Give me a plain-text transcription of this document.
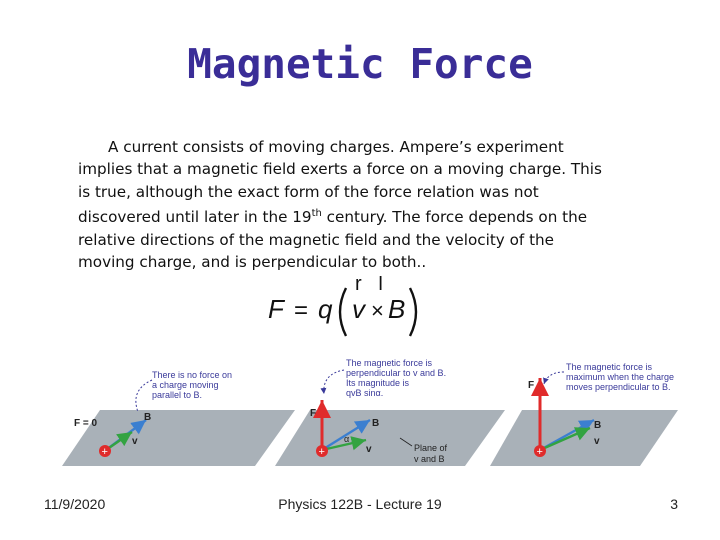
Magnetic Force
A current consists of moving charges. Ampere’s experiment
implies that a magnetic field exerts a force on a moving charge. This
is true, although the exact form of the force relation was not
discovered until later in the 19th century. The force depends on the
relative directions of the magnetic field and the velocity of the
moving charge, and is perpendicular to both..
r   l
F = q v × B
There is no force on
a charge moving
parallel to B.
F = 0
B
v
+
The magnetic force is
perpendicular to v and B.
Its magnitude is
qvB sinα.
F
B
v
α
+	Plane of
v and B
The magnetic force is
maximum when the charge
moves perpendicular to B.
F
B
v
+
11/9/2020	Physics 122B - Lecture 19	3
